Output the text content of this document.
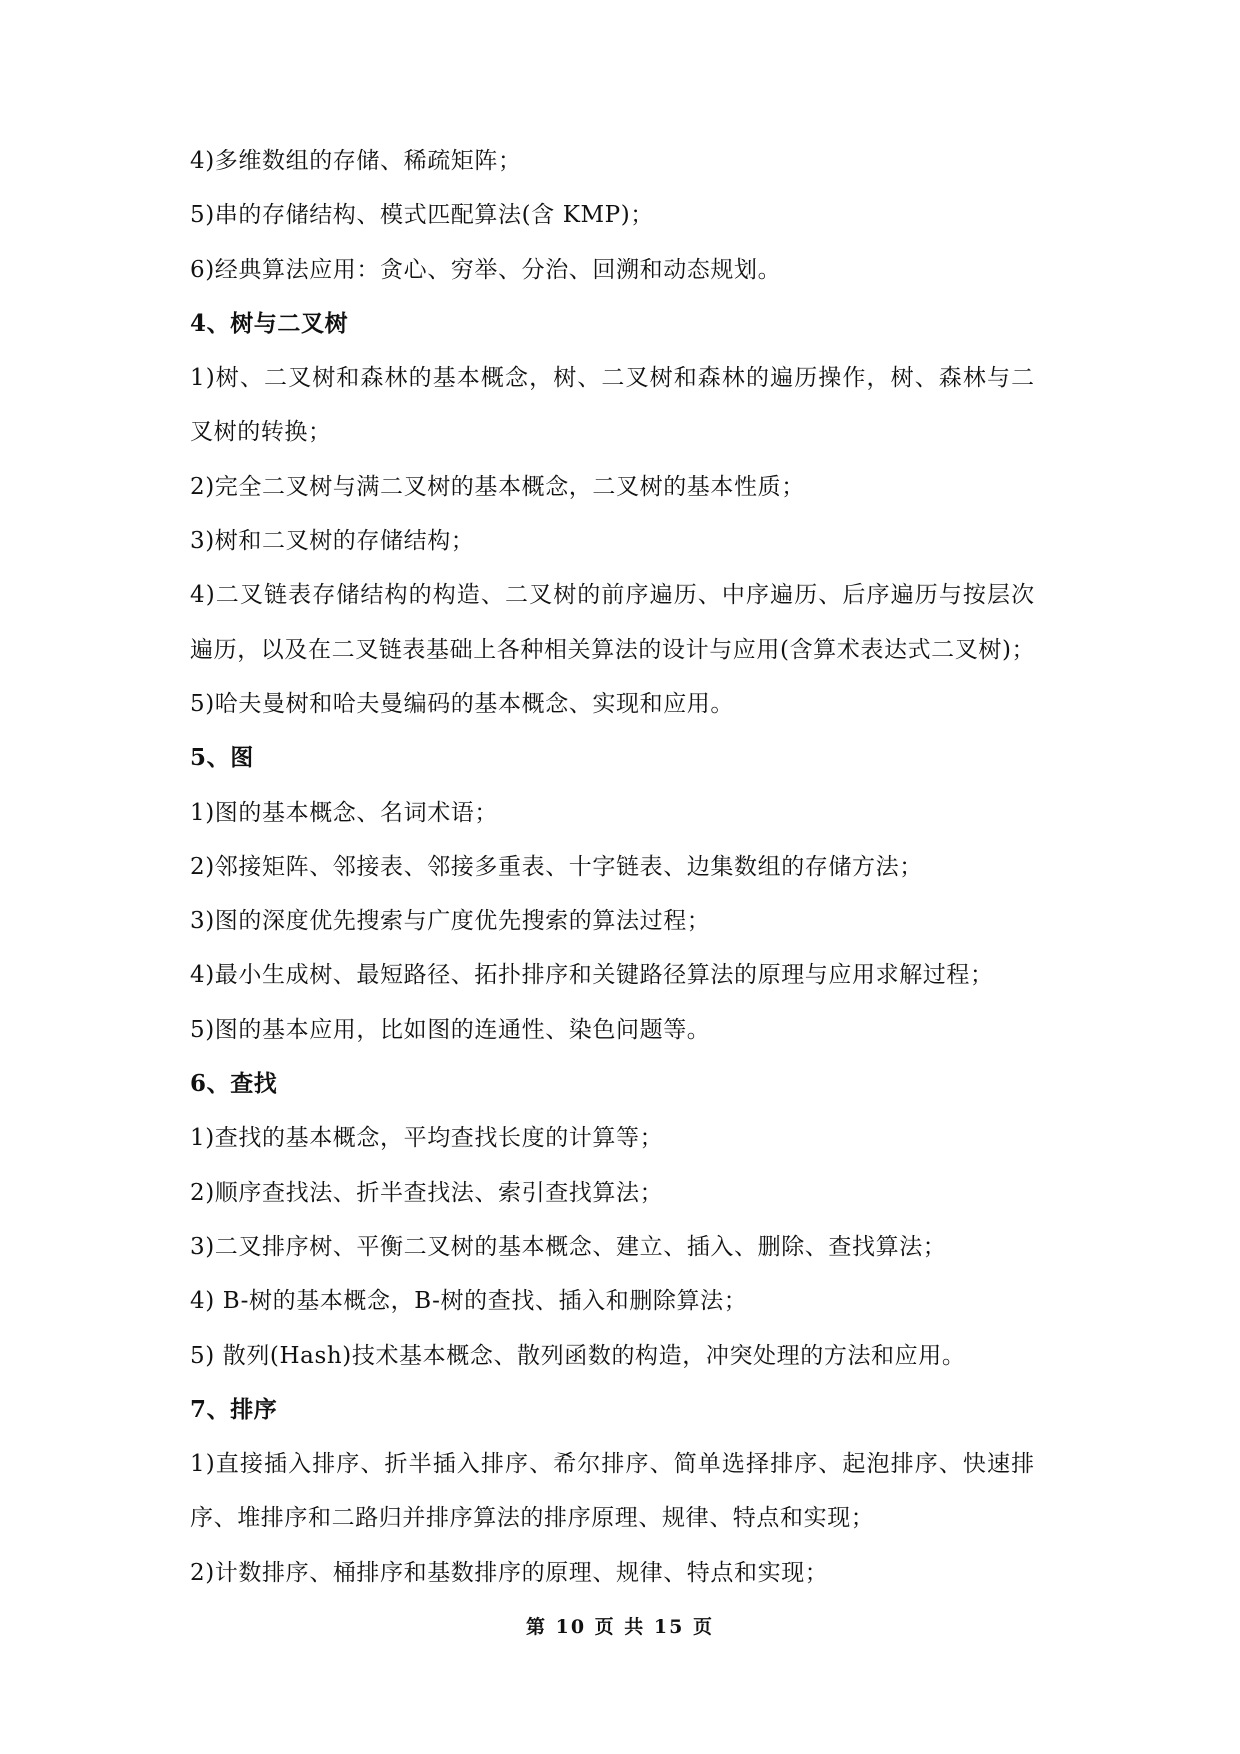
4)多维数组的存储、稀疏矩阵；
5)串的存储结构、模式匹配算法(含 KMP)；
6)经典算法应用：贪心、穷举、分治、回溯和动态规划。
4、树与二叉树
1)树、二叉树和森林的基本概念，树、二叉树和森林的遍历操作，树、森林与二
叉树的转换；
2)完全二叉树与满二叉树的基本概念，二叉树的基本性质；
3)树和二叉树的存储结构；
4)二叉链表存储结构的构造、二叉树的前序遍历、中序遍历、后序遍历与按层次
遍历，以及在二叉链表基础上各种相关算法的设计与应用(含算术表达式二叉树)；
5)哈夫曼树和哈夫曼编码的基本概念、实现和应用。
5、图
1)图的基本概念、名词术语；
2)邻接矩阵、邻接表、邻接多重表、十字链表、边集数组的存储方法；
3)图的深度优先搜索与广度优先搜索的算法过程；
4)最小生成树、最短路径、拓扑排序和关键路径算法的原理与应用求解过程；
5)图的基本应用，比如图的连通性、染色问题等。
6、查找
1)查找的基本概念，平均查找长度的计算等；
2)顺序查找法、折半查找法、索引查找算法；
3)二叉排序树、平衡二叉树的基本概念、建立、插入、删除、查找算法；
4) B-树的基本概念，B-树的查找、插入和删除算法；
5) 散列(Hash)技术基本概念、散列函数的构造，冲突处理的方法和应用。
7、排序
1)直接插入排序、折半插入排序、希尔排序、简单选择排序、起泡排序、快速排
序、堆排序和二路归并排序算法的排序原理、规律、特点和实现；
2)计数排序、桶排序和基数排序的原理、规律、特点和实现；
第 10 页 共 15 页
